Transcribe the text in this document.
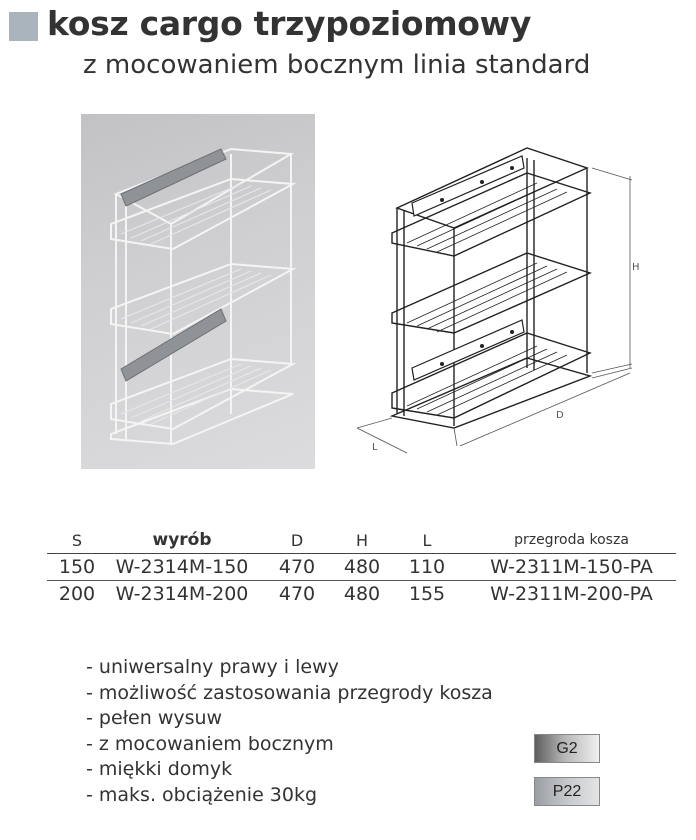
kosz cargo trzypoziomowy
z mocowaniem bocznym linia standard
H
D
L
S	wyrób	D	H	L	przegroda kosza
150	W-2314M-150	470	480	110	W-2311M-150-PA
200	W-2314M-200	470	480	155	W-2311M-200-PA
- uniwersalny prawy i lewy
- możliwość zastosowania przegrody kosza
- pełen wysuw
- z mocowaniem bocznym
- miękki domyk
- maks. obciążenie 30kg
G2
P22
